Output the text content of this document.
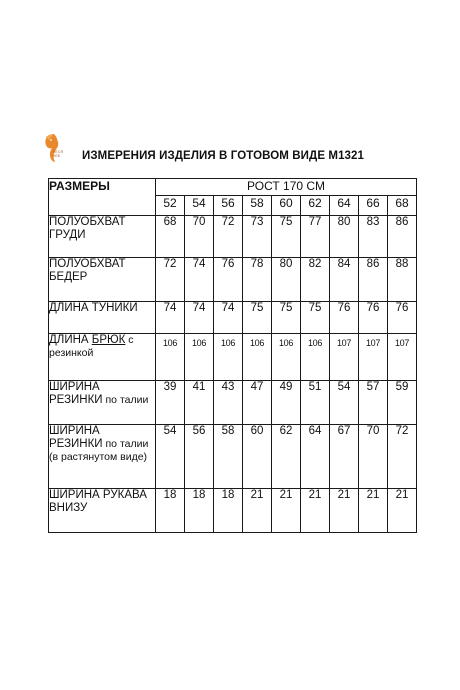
ЛЕСЯ
ЛЕБ ИЗМЕРЕНИЯ ИЗДЕЛИЯ В ГОТОВОМ ВИДЕ М1321
РАЗМЕРЫ	РОСТ 170 СМ								
	52	54	56	58	60	62	64	66	68
ПОЛУОБХВАТ ГРУДИ	68	70	72	73	75	77	80	83	86
ПОЛУОБХВАТ БЕДЕР	72	74	76	78	80	82	84	86	88
ДЛИНА ТУНИКИ	74	74	74	75	75	75	76	76	76
ДЛИНА БРЮК с резинкой	106	106	106	106	106	106	107	107	107
ШИРИНА РЕЗИНКИ по талии	39	41	43	47	49	51	54	57	59
ШИРИНА РЕЗИНКИ по талии (в растянутом виде)	54	56	58	60	62	64	67	70	72
ШИРИНА РУКАВА ВНИЗУ	18	18	18	21	21	21	21	21	21
